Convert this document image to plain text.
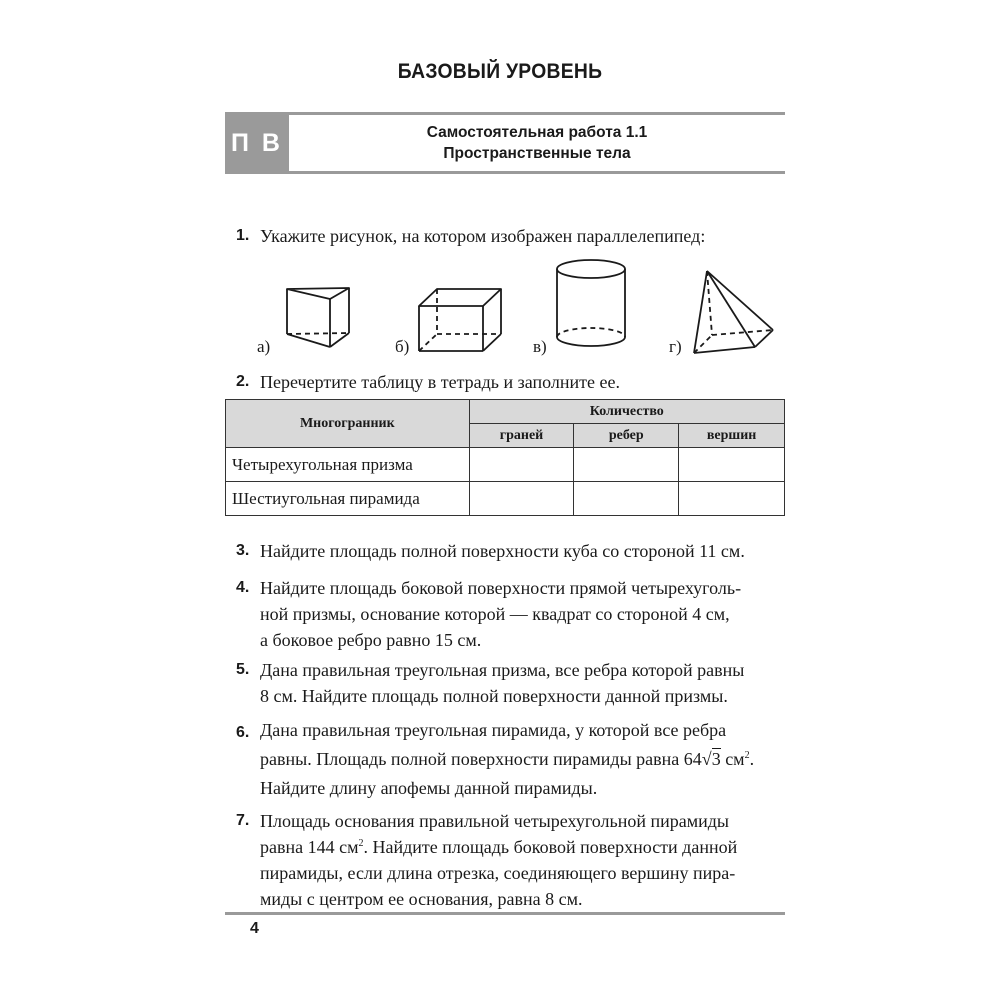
БАЗОВЫЙ УРОВЕНЬ
П В	Самостоятельная работа 1.1
Пространственные тела
1. Укажите рисунок, на котором изображен параллелепипед:
а)	б)	в)	г)
2. Перечертите таблицу в тетрадь и заполните ее.
Многогранник	Количество		
	граней	ребер	вершин
Четырехугольная призма			
Шестиугольная пирамида			
3. Найдите площадь полной поверхности куба со стороной 11 см.
4. Найдите площадь боковой поверхности прямой четырехуголь-
ной призмы, основание которой — квадрат со стороной 4 см,
а боковое ребро равно 15 см.
5. Дана правильная треугольная призма, все ребра которой равны
8 см. Найдите площадь полной поверхности данной призмы.
6. Дана правильная треугольная пирамида, у которой все ребра
равны. Площадь полной поверхности пирамиды равна 64√3 $см^2$.
Найдите длину апофемы данной пирамиды.
7. Площадь основания правильной четырехугольной пирамиды
равна 144 $см^2$. Найдите площадь боковой поверхности данной
пирамиды, если длина отрезка, соединяющего вершину пира-
миды с центром ее основания, равна 8 см.
4
